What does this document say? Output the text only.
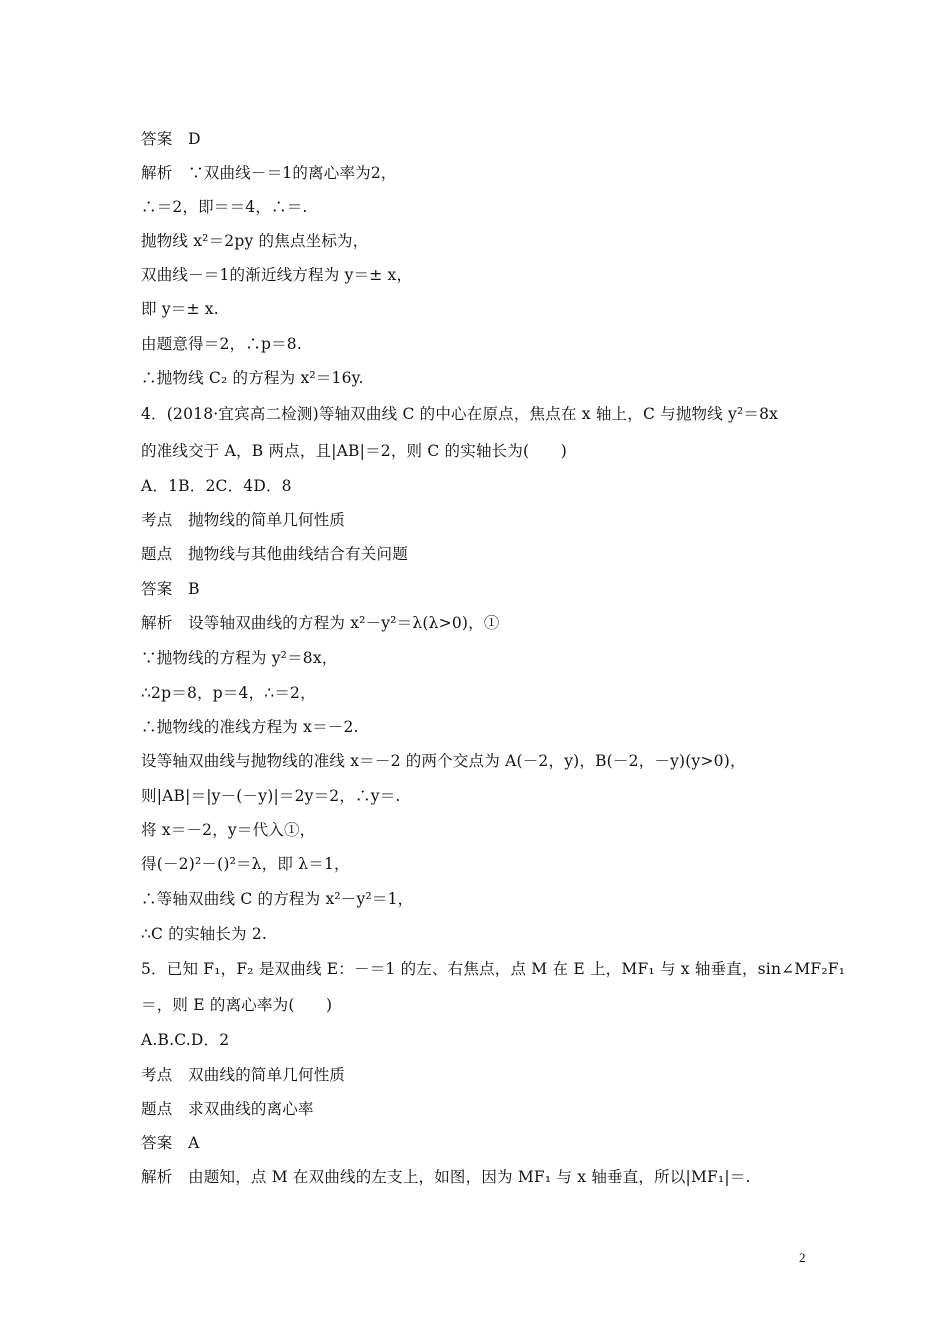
答案　D
解析　∵双曲线－＝1的离心率为2，
∴＝2，即＝＝4，∴＝.
抛物线 x²＝2py 的焦点坐标为，
双曲线－＝1的渐近线方程为 y＝± x，
即 y＝± x.
由题意得＝2，∴p＝8.
∴抛物线 C₂ 的方程为 x²＝16y.
4．(2018·宜宾高二检测)等轴双曲线 C 的中心在原点，焦点在 x 轴上，C 与抛物线 y²＝8x
的准线交于 A，B 两点，且|AB|＝2，则 C 的实轴长为(　　)
A．1B．2C．4D．8
考点　抛物线的简单几何性质
题点　抛物线与其他曲线结合有关问题
答案　B
解析　设等轴双曲线的方程为 x²－y²＝λ(λ>0)，①
∵抛物线的方程为 y²＝8x，
∴2p＝8，p＝4，∴＝2，
∴抛物线的准线方程为 x＝－2.
设等轴双曲线与抛物线的准线 x＝－2 的两个交点为 A(－2，y)，B(－2，－y)(y>0)，
则|AB|＝|y－(－y)|＝2y＝2，∴y＝.
将 x＝－2，y＝代入①，
得(－2)²－()²＝λ，即 λ＝1，
∴等轴双曲线 C 的方程为 x²－y²＝1，
∴C 的实轴长为 2.
5．已知 F₁，F₂ 是双曲线 E：－＝1 的左、右焦点，点 M 在 E 上，MF₁ 与 x 轴垂直，sin∠MF₂F₁
＝，则 E 的离心率为(　　)
A.B.C.D．2
考点　双曲线的简单几何性质
题点　求双曲线的离心率
答案　A
解析　由题知，点 M 在双曲线的左支上，如图，因为 MF₁ 与 x 轴垂直，所以|MF₁|＝.
2
